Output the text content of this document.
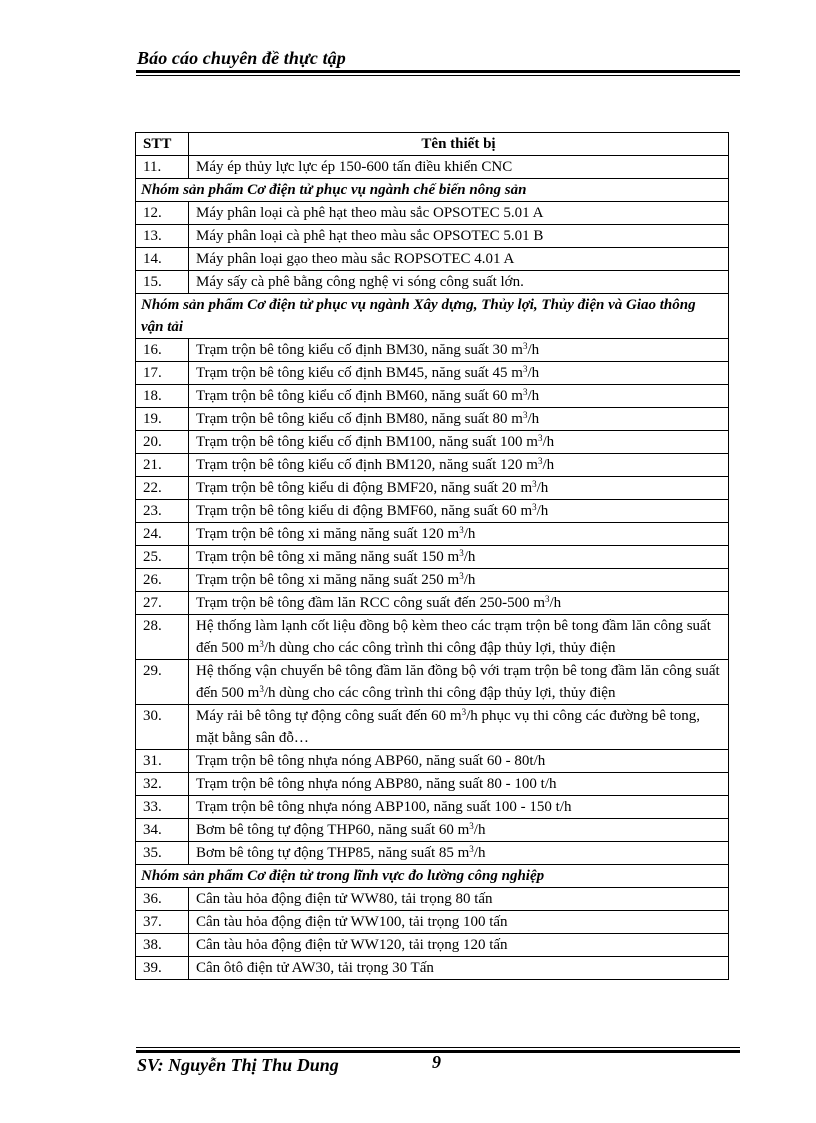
Báo cáo chuyên đề thực tập
STT	Tên thiết bị
11.	Máy ép thủy lực lực ép 150-600 tấn điều khiển CNC
Nhóm sản phẩm Cơ điện tử phục vụ ngành chế biến nông sản	
12.	Máy phân loại cà phê hạt theo màu sắc OPSOTEC 5.01 A
13.	Máy phân loại cà phê hạt theo màu sắc OPSOTEC 5.01 B
14.	Máy phân loại gạo theo màu sắc ROPSOTEC 4.01 A
15.	Máy sấy cà phê bằng công nghệ vi sóng công suất lớn.
Nhóm sản phẩm Cơ điện tử phục vụ ngành Xây dựng, Thủy lợi, Thủy điện và Giao thông vận tải	
16.	Trạm trộn bê tông kiểu cố định BM30, năng suất 30 $m^3/h$
17.	Trạm trộn bê tông kiểu cố định BM45, năng suất 45 $m^3/h$
18.	Trạm trộn bê tông kiểu cố định BM60, năng suất 60 $m^3/h$
19.	Trạm trộn bê tông kiểu cố định BM80, năng suất 80 $m^3/h$
20.	Trạm trộn bê tông kiểu cố định BM100, năng suất 100 $m^3/h$
21.	Trạm trộn bê tông kiểu cố định BM120, năng suất 120 $m^3/h$
22.	Trạm trộn bê tông kiểu di động BMF20, năng suất 20 $m^3/h$
23.	Trạm trộn bê tông kiểu di động BMF60, năng suất 60 $m^3/h$
24.	Trạm trộn bê tông xi măng năng suất 120 $m^3/h$
25.	Trạm trộn bê tông xi măng năng suất 150 $m^3/h$
26.	Trạm trộn bê tông xi măng năng suất 250 $m^3/h$
27.	Trạm trộn bê tông đầm lăn RCC công suất đến 250-500 $m^3/h$
28.	Hệ thống làm lạnh cốt liệu đồng bộ kèm theo các trạm trộn bê tong đầm lăn công suất đến 500 $m^3/h$ dùng cho các công trình thi công đập thủy lợi, thủy điện
29.	Hệ thống vận chuyển bê tông đầm lăn đồng bộ với trạm trộn bê tong đầm lăn công suất đến 500 $m^3/h$ dùng cho các công trình thi công đập thủy lợi, thủy điện
30.	Máy rải bê tông tự động công suất đến 60 $m^3/h$ phục vụ thi công các đường bê tong, mặt bằng sân đỗ…
31.	Trạm trộn bê tông nhựa nóng ABP60, năng suất 60 - 80t/h
32.	Trạm trộn bê tông nhựa nóng ABP80, năng suất 80 - 100 t/h
33.	Trạm trộn bê tông nhựa nóng ABP100, năng suất 100 - 150 t/h
34.	Bơm bê tông tự động THP60, năng suất 60 $m^3/h$
35.	Bơm bê tông tự động THP85, năng suất 85 $m^3/h$
Nhóm sản phẩm Cơ điện tử trong lĩnh vực đo lường công nghiệp	
36.	Cân tàu hỏa động điện tử WW80, tải trọng 80 tấn
37.	Cân tàu hỏa động điện tử WW100, tải trọng 100 tấn
38.	Cân tàu hỏa động điện tử WW120, tải trọng 120 tấn
39.	Cân ôtô điện tử AW30, tải trọng 30 Tấn
SV: Nguyễn Thị Thu Dung	9
